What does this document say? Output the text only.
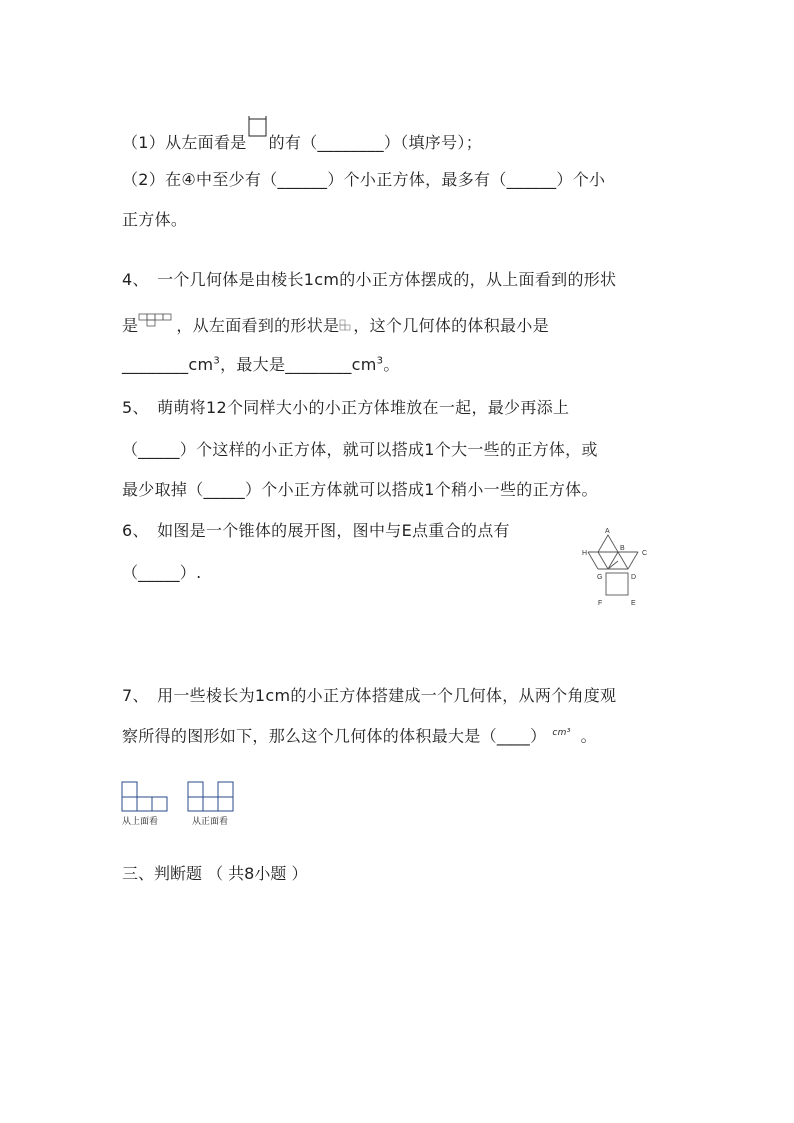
（1）从左面看是 的有（________）（填序号）；
（2）在④中至少有（______）个小正方体，最多有（______）个小
正方体。
4、　一个几何体是由棱长1cm的小正方体摆成的，从上面看到的形状
是 ，从左面看到的形状是 ，这个几何体的体积最小是
$\_\_\_\_\_\_\_\_cm^3$，最大是$\_\_\_\_\_\_\_\_cm^3$。
5、　萌萌将12个同样大小的小正方体堆放在一起，最少再添上
（_____）个这样的小正方体，就可以搭成1个大一些的正方体，或
最少取掉（_____）个小正方体就可以搭成1个稍小一些的正方体。
6、　如图是一个锥体的展开图，图中与E点重合的点有
（_____）.
A
H
B
C
G	D
F	E
7、　用一些棱长为1cm的小正方体搭建成一个几何体，从两个角度观
察所得的图形如下，那么这个几何体的体积最大是（____） $^{cm^3}$ 。
从上面看	从正面看
三、判断题 （ 共8小题 ）
